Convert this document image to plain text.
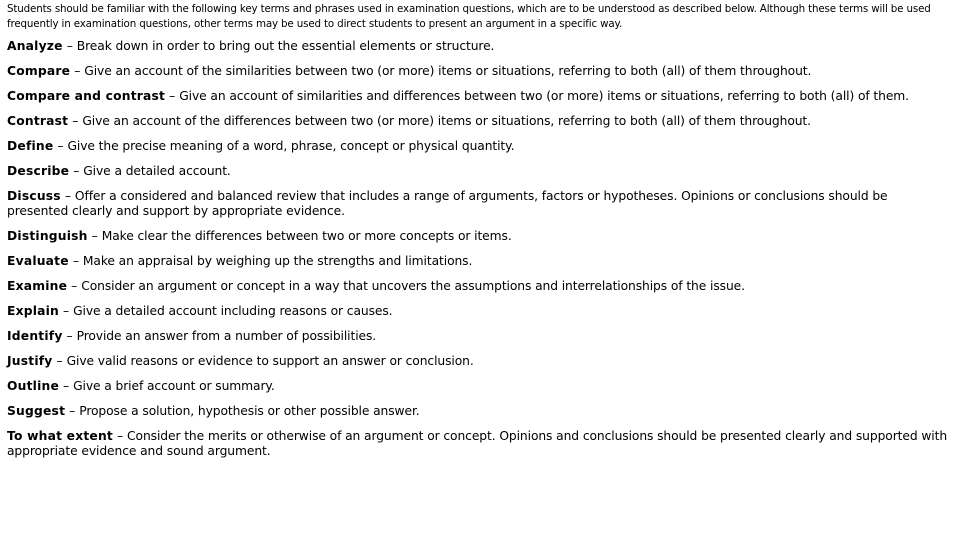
Students should be familiar with the following key terms and phrases used in examination questions, which are to be understood as described below. Although these terms will be used frequently in examination questions, other terms may be used to direct students to present an argument in a specific way.
Analyze – Break down in order to bring out the essential elements or structure.
Compare – Give an account of the similarities between two (or more) items or situations, referring to both (all) of them throughout.
Compare and contrast – Give an account of similarities and differences between two (or more) items or situations, referring to both (all) of them.
Contrast – Give an account of the differences between two (or more) items or situations, referring to both (all) of them throughout.
Define – Give the precise meaning of a word, phrase, concept or physical quantity.
Describe – Give a detailed account.
Discuss – Offer a considered and balanced review that includes a range of arguments, factors or hypotheses. Opinions or conclusions should be presented clearly and support by appropriate evidence.
Distinguish – Make clear the differences between two or more concepts or items.
Evaluate – Make an appraisal by weighing up the strengths and limitations.
Examine – Consider an argument or concept in a way that uncovers the assumptions and interrelationships of the issue.
Explain – Give a detailed account including reasons or causes.
Identify – Provide an answer from a number of possibilities.
Justify – Give valid reasons or evidence to support an answer or conclusion.
Outline – Give a brief account or summary.
Suggest – Propose a solution, hypothesis or other possible answer.
To what extent – Consider the merits or otherwise of an argument or concept. Opinions and conclusions should be presented clearly and supported with appropriate evidence and sound argument.
